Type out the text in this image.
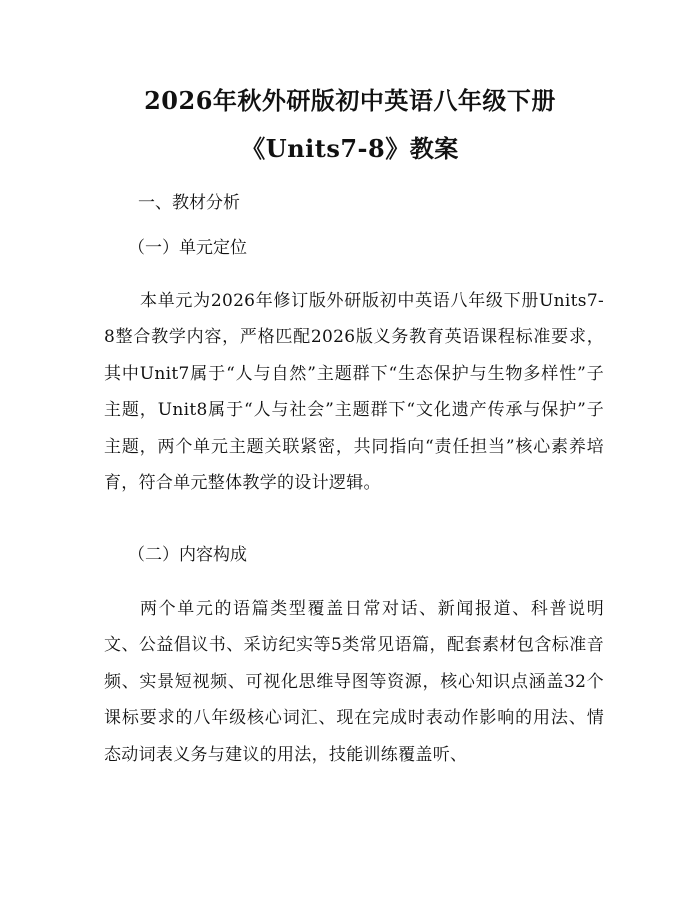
2026年秋外研版初中英语八年级下册
《Units7-8》教案
一、教材分析
（一）单元定位
本单元为2026年修订版外研版初中英语八年级下册Units7-8整合教学内容，严格匹配2026版义务教育英语课程标准要求，其中Unit7属于“人与自然”主题群下“生态保护与生物多样性”子主题，Unit8属于“人与社会”主题群下“文化遗产传承与保护”子主题，两个单元主题关联紧密，共同指向“责任担当”核心素养培育，符合单元整体教学的设计逻辑。
（二）内容构成
两个单元的语篇类型覆盖日常对话、新闻报道、科普说明文、公益倡议书、采访纪实等5类常见语篇，配套素材包含标准音频、实景短视频、可视化思维导图等资源，核心知识点涵盖32个课标要求的八年级核心词汇、现在完成时表动作影响的用法、情态动词表义务与建议的用法，技能训练覆盖听、
